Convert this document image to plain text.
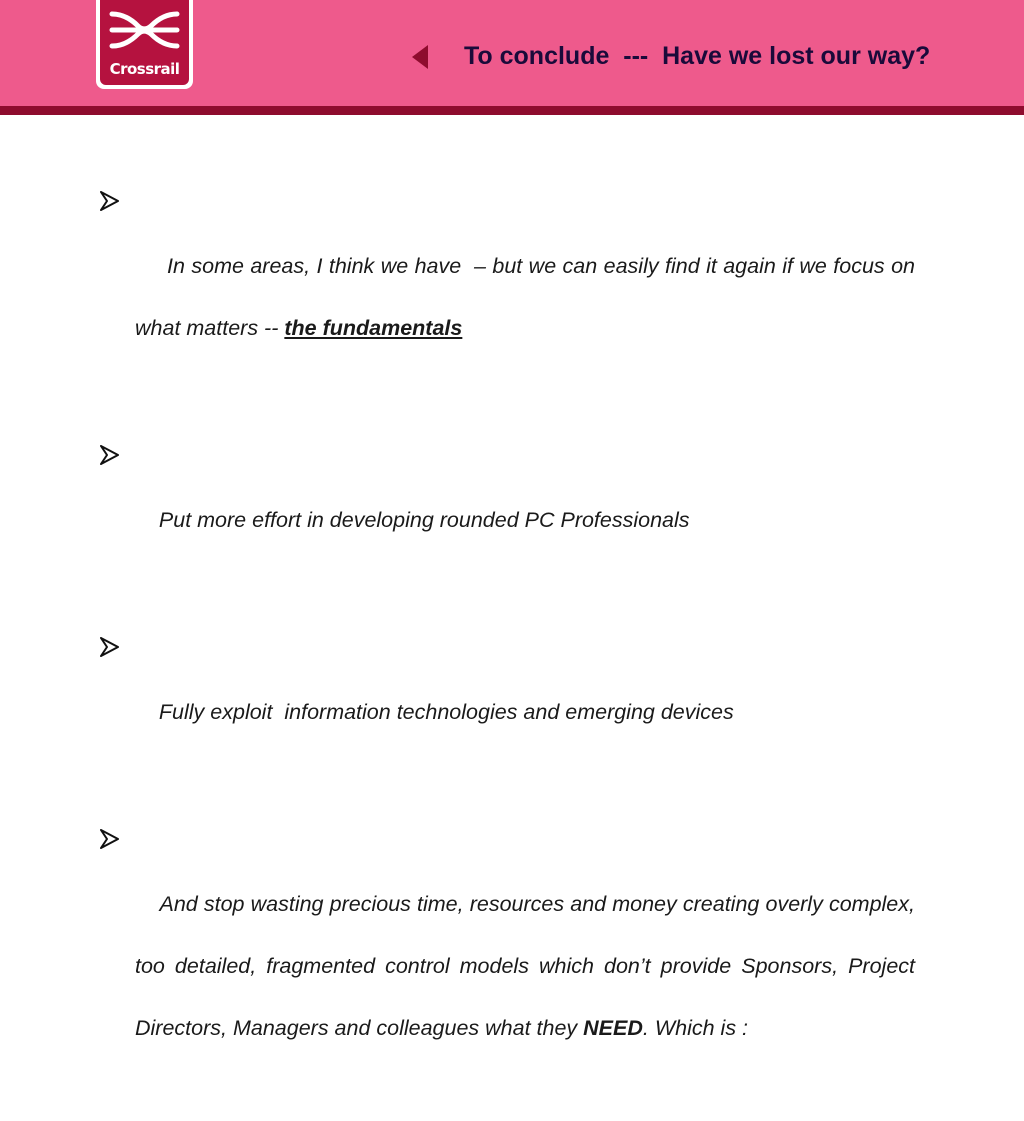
Crossrail	To conclude  ---  Have we lost our way?

In some areas, I think we have  – but we can easily find it again if we focus on what matters -- the fundamentals

Put more effort in developing rounded PC Professionals

Fully exploit  information technologies and emerging devices

And stop wasting precious time, resources and money creating overly complex, too detailed, fragmented control models which don’t provide Sponsors, Project Directors, Managers and colleagues what they NEED. Which is :
